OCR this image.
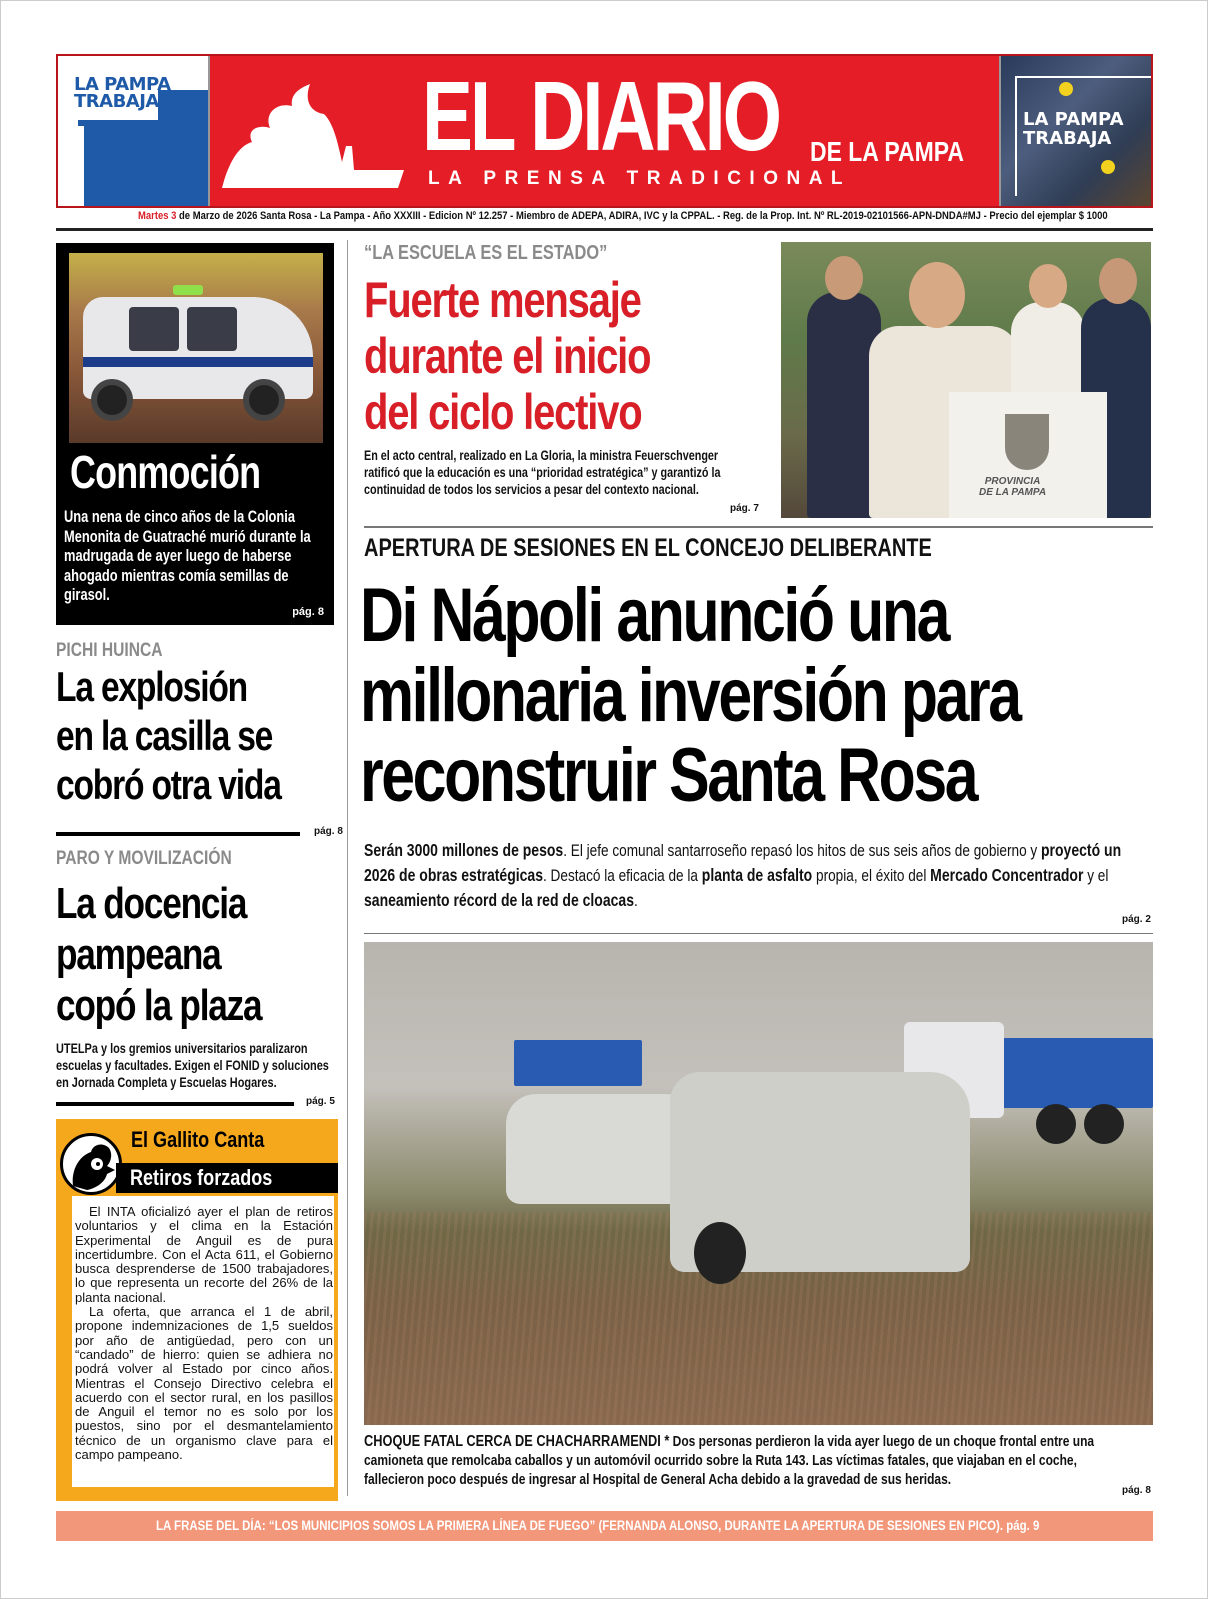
LA PAMPA
TRABAJA	EL DIARIO DE LA PAMPA
LA PRENSA TRADICIONAL
LA PAMPA
TRABAJA
Martes 3 de Marzo de 2026 Santa Rosa - La Pampa - Año XXXIII - Edicion Nº 12.257 - Miembro de ADEPA, ADIRA, IVC y la CPPAL. - Reg. de la Prop. Int. Nº RL-2019-02101566-APN-DNDA#MJ - Precio del ejemplar $ 1000
Conmoción
Una nena de cinco años de la Colonia Menonita de Guatraché murió durante la madrugada de ayer luego de haberse ahogado mientras comía semillas de girasol.
pág. 8
PICHI HUINCA
La explosión
en la casilla se
cobró otra vida
pág. 8
PARO Y MOVILIZACIÓN
La docencia
pampeana
copó la plaza
UTELPa y los gremios universitarios paralizaron escuelas y facultades. Exigen el FONID y soluciones en Jornada Completa y Escuelas Hogares.
pág. 5
El Gallito Canta
Retiros forzados

El INTA oficializó ayer el plan de retiros voluntarios y el clima en la Estación Experimental de Anguil es de pura incertidumbre. Con el Acta 611, el Gobierno busca desprenderse de 1500 trabajadores, lo que representa un recorte del 26% de la planta nacional.

La oferta, que arranca el 1 de abril, propone indemnizaciones de 1,5 sueldos por año de antigüedad, pero con un “candado” de hierro: quien se adhiera no podrá volver al Estado por cinco años. Mientras el Consejo Directivo celebra el acuerdo con el sector rural, en los pasillos de Anguil el temor no es solo por los puestos, sino por el desmantelamiento técnico de un organismo clave para el campo pampeano.

“LA ESCUELA ES EL ESTADO”
Fuerte mensaje
durante el inicio
del ciclo lectivo
En el acto central, realizado en La Gloria, la ministra Feuerschvenger ratificó que la educación es una “prioridad estratégica” y garantizó la continuidad de todos los servicios a pesar del contexto nacional.
pág. 7
PROVINCIA
DE LA PAMPA
APERTURA DE SESIONES EN EL CONCEJO DELIBERANTE
Di Nápoli anunció una
millonaria inversión para
reconstruir Santa Rosa
Serán 3000 millones de pesos. El jefe comunal santarroseño repasó los hitos de sus seis años de gobierno y proyectó un 2026 de obras estratégicas. Destacó la eficacia de la planta de asfalto propia, el éxito del Mercado Concentrador y el saneamiento récord de la red de cloacas.
pág. 2
CHOQUE FATAL CERCA DE CHACHARRAMENDI * Dos personas perdieron la vida ayer luego de un choque frontal entre una camioneta que remolcaba caballos y un automóvil ocurrido sobre la Ruta 143. Las víctimas fatales, que viajaban en el coche, fallecieron poco después de ingresar al Hospital de General Acha debido a la gravedad de sus heridas.
pág. 8
LA FRASE DEL DÍA: “LOS MUNICIPIOS SOMOS LA PRIMERA LÍNEA DE FUEGO” (FERNANDA ALONSO, DURANTE LA APERTURA DE SESIONES EN PICO). pág. 9
